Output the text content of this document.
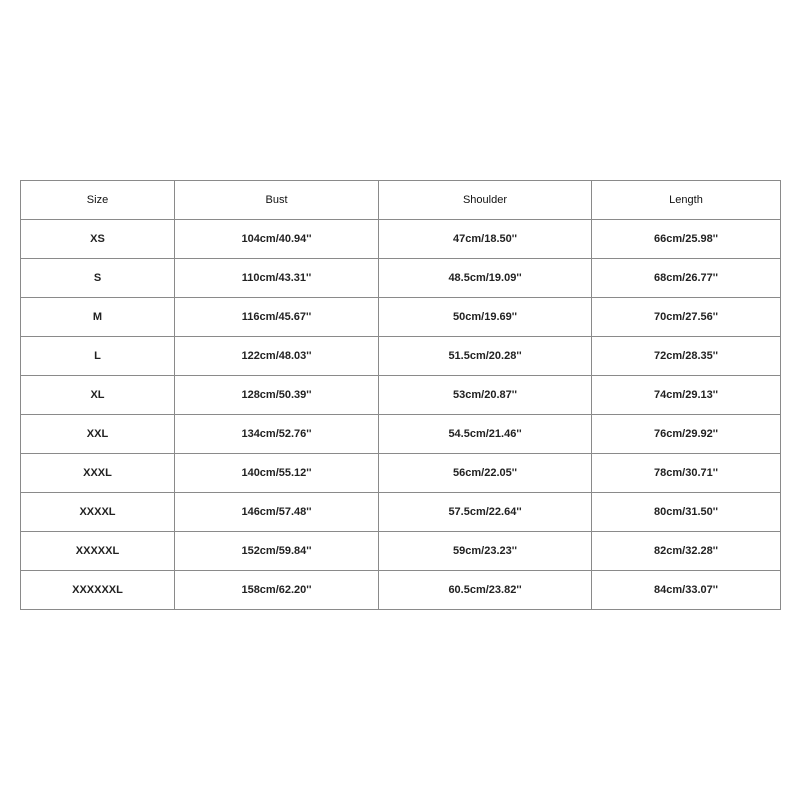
Size	Bust	Shoulder	Length
XS	104cm/40.94''	47cm/18.50''	66cm/25.98''
S	110cm/43.31''	48.5cm/19.09''	68cm/26.77''
M	116cm/45.67''	50cm/19.69''	70cm/27.56''
L	122cm/48.03''	51.5cm/20.28''	72cm/28.35''
XL	128cm/50.39''	53cm/20.87''	74cm/29.13''
XXL	134cm/52.76''	54.5cm/21.46''	76cm/29.92''
XXXL	140cm/55.12''	56cm/22.05''	78cm/30.71''
XXXXL	146cm/57.48''	57.5cm/22.64''	80cm/31.50''
XXXXXL	152cm/59.84''	59cm/23.23''	82cm/32.28''
XXXXXXL	158cm/62.20''	60.5cm/23.82''	84cm/33.07''
